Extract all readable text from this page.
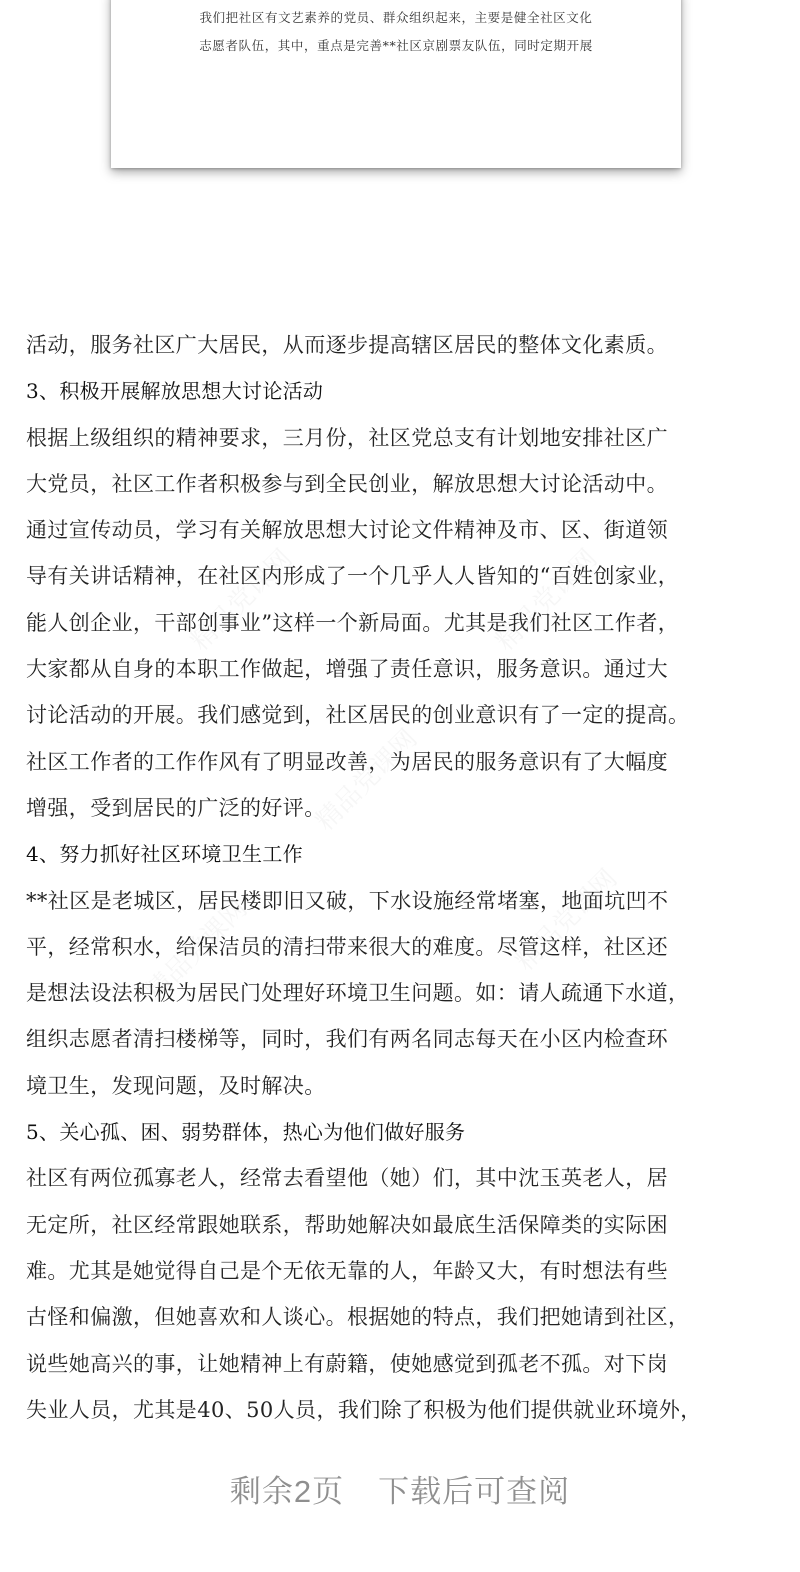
我们把社区有文艺素养的党员、群众组织起来，主要是健全社区文化
志愿者队伍，其中，重点是完善**社区京剧票友队伍，同时定期开展
活动，服务社区广大居民，从而逐步提高辖区居民的整体文化素质。
3、积极开展解放思想大讨论活动
根据上级组织的精神要求，三月份，社区党总支有计划地安排社区广
大党员，社区工作者积极参与到全民创业，解放思想大讨论活动中。
通过宣传动员，学习有关解放思想大讨论文件精神及市、区、街道领
导有关讲话精神，在社区内形成了一个几乎人人皆知的“百姓创家业，
能人创企业，干部创事业”这样一个新局面。尤其是我们社区工作者，
大家都从自身的本职工作做起，增强了责任意识，服务意识。通过大
讨论活动的开展。我们感觉到，社区居民的创业意识有了一定的提高。
社区工作者的工作作风有了明显改善，为居民的服务意识有了大幅度
增强，受到居民的广泛的好评。
4、努力抓好社区环境卫生工作
**社区是老城区，居民楼即旧又破，下水设施经常堵塞，地面坑凹不
平，经常积水，给保洁员的清扫带来很大的难度。尽管这样，社区还
是想法设法积极为居民门处理好环境卫生问题。如：请人疏通下水道，
组织志愿者清扫楼梯等，同时，我们有两名同志每天在小区内检查环
境卫生，发现问题，及时解决。
5、关心孤、困、弱势群体，热心为他们做好服务
社区有两位孤寡老人，经常去看望他（她）们，其中沈玉英老人，居
无定所，社区经常跟她联系，帮助她解决如最底生活保障类的实际困
难。尤其是她觉得自己是个无依无靠的人，年龄又大，有时想法有些
古怪和偏激，但她喜欢和人谈心。根据她的特点，我们把她请到社区，
说些她高兴的事，让她精神上有蔚籍，使她感觉到孤老不孤。对下岗
失业人员，尤其是40、50人员，我们除了积极为他们提供就业环境外，
精品党课网	精品党课网
精品党课网
精品党课网	精品党课网
剩余2页 下载后可查阅
